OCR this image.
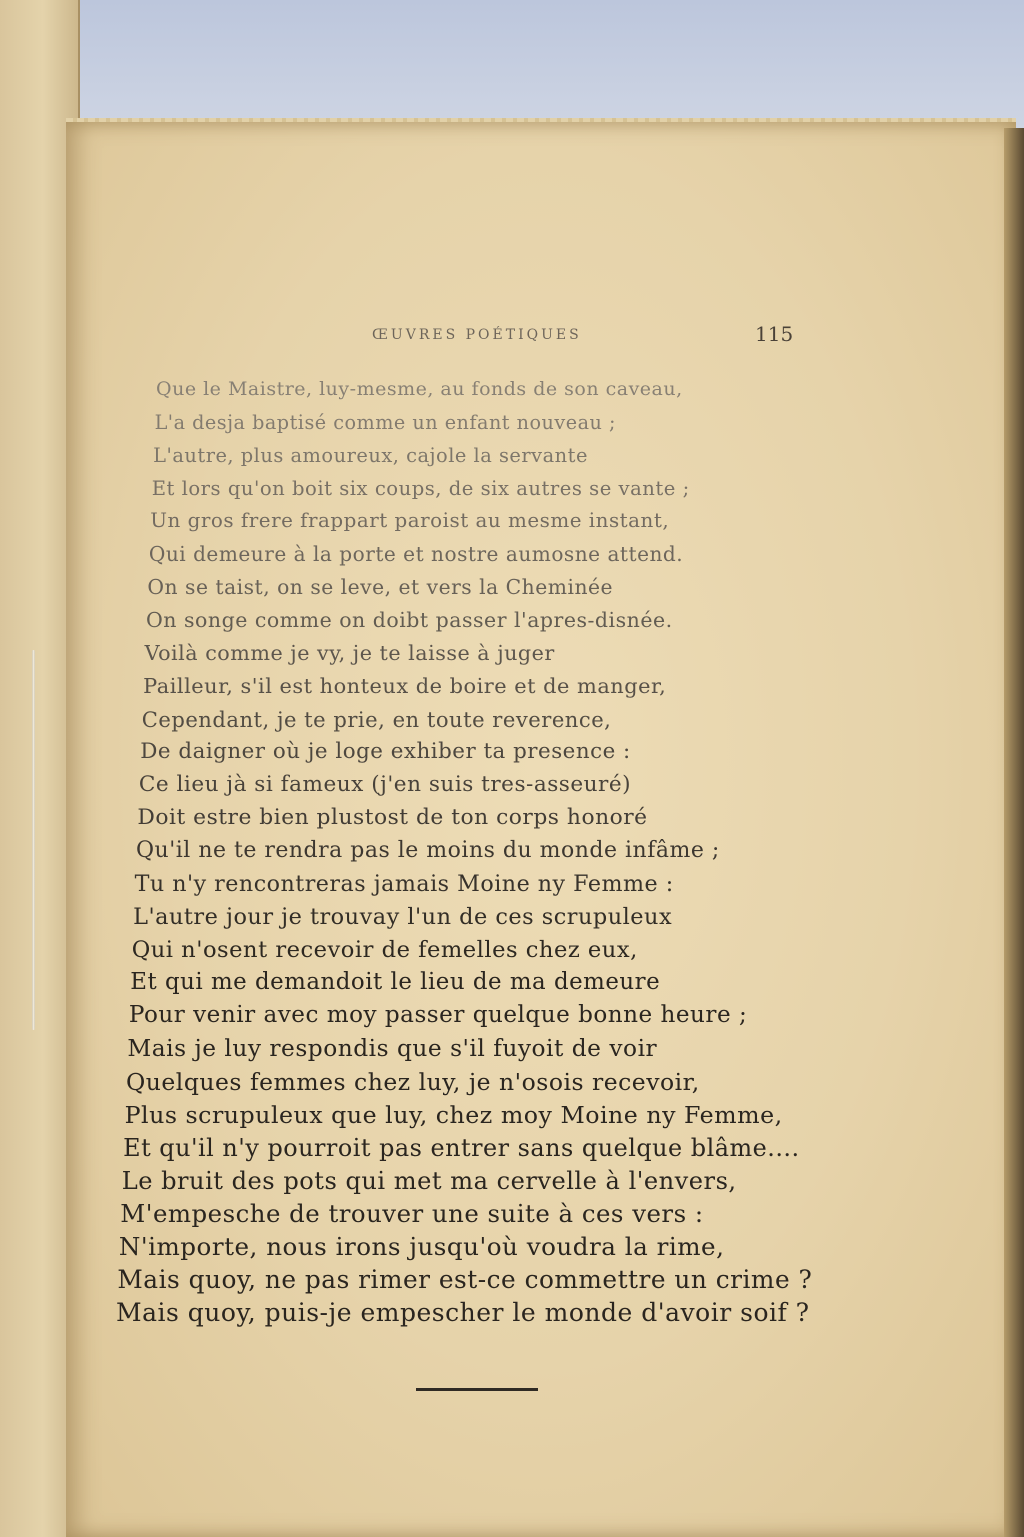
ŒUVRES POÉTIQUES	115
Que le Maistre, luy-mesme, au fonds de son caveau,
L'a desja baptisé comme un enfant nouveau ;
L'autre, plus amoureux, cajole la servante
Et lors qu'on boit six coups, de six autres se vante ;
Un gros frere frappart paroist au mesme instant,
Qui demeure à la porte et nostre aumosne attend.
On se taist, on se leve, et vers la Cheminée
On songe comme on doibt passer l'apres-disnée.
Voilà comme je vy, je te laisse à juger
Pailleur, s'il est honteux de boire et de manger,
Cependant, je te prie, en toute reverence,
De daigner où je loge exhiber ta presence :
Ce lieu jà si fameux (j'en suis tres-asseuré)
Doit estre bien plustost de ton corps honoré
Qu'il ne te rendra pas le moins du monde infâme ;
Tu n'y rencontreras jamais Moine ny Femme :
L'autre jour je trouvay l'un de ces scrupuleux
Qui n'osent recevoir de femelles chez eux,
Et qui me demandoit le lieu de ma demeure
Pour venir avec moy passer quelque bonne heure ;
Mais je luy respondis que s'il fuyoit de voir
Quelques femmes chez luy, je n'osois recevoir,
Plus scrupuleux que luy, chez moy Moine ny Femme,
Et qu'il n'y pourroit pas entrer sans quelque blâme....
Le bruit des pots qui met ma cervelle à l'envers,
M'empesche de trouver une suite à ces vers :
N'importe, nous irons jusqu'où voudra la rime,
Mais quoy, ne pas rimer est-ce commettre un crime ?
Mais quoy, puis-je empescher le monde d'avoir soif ?
